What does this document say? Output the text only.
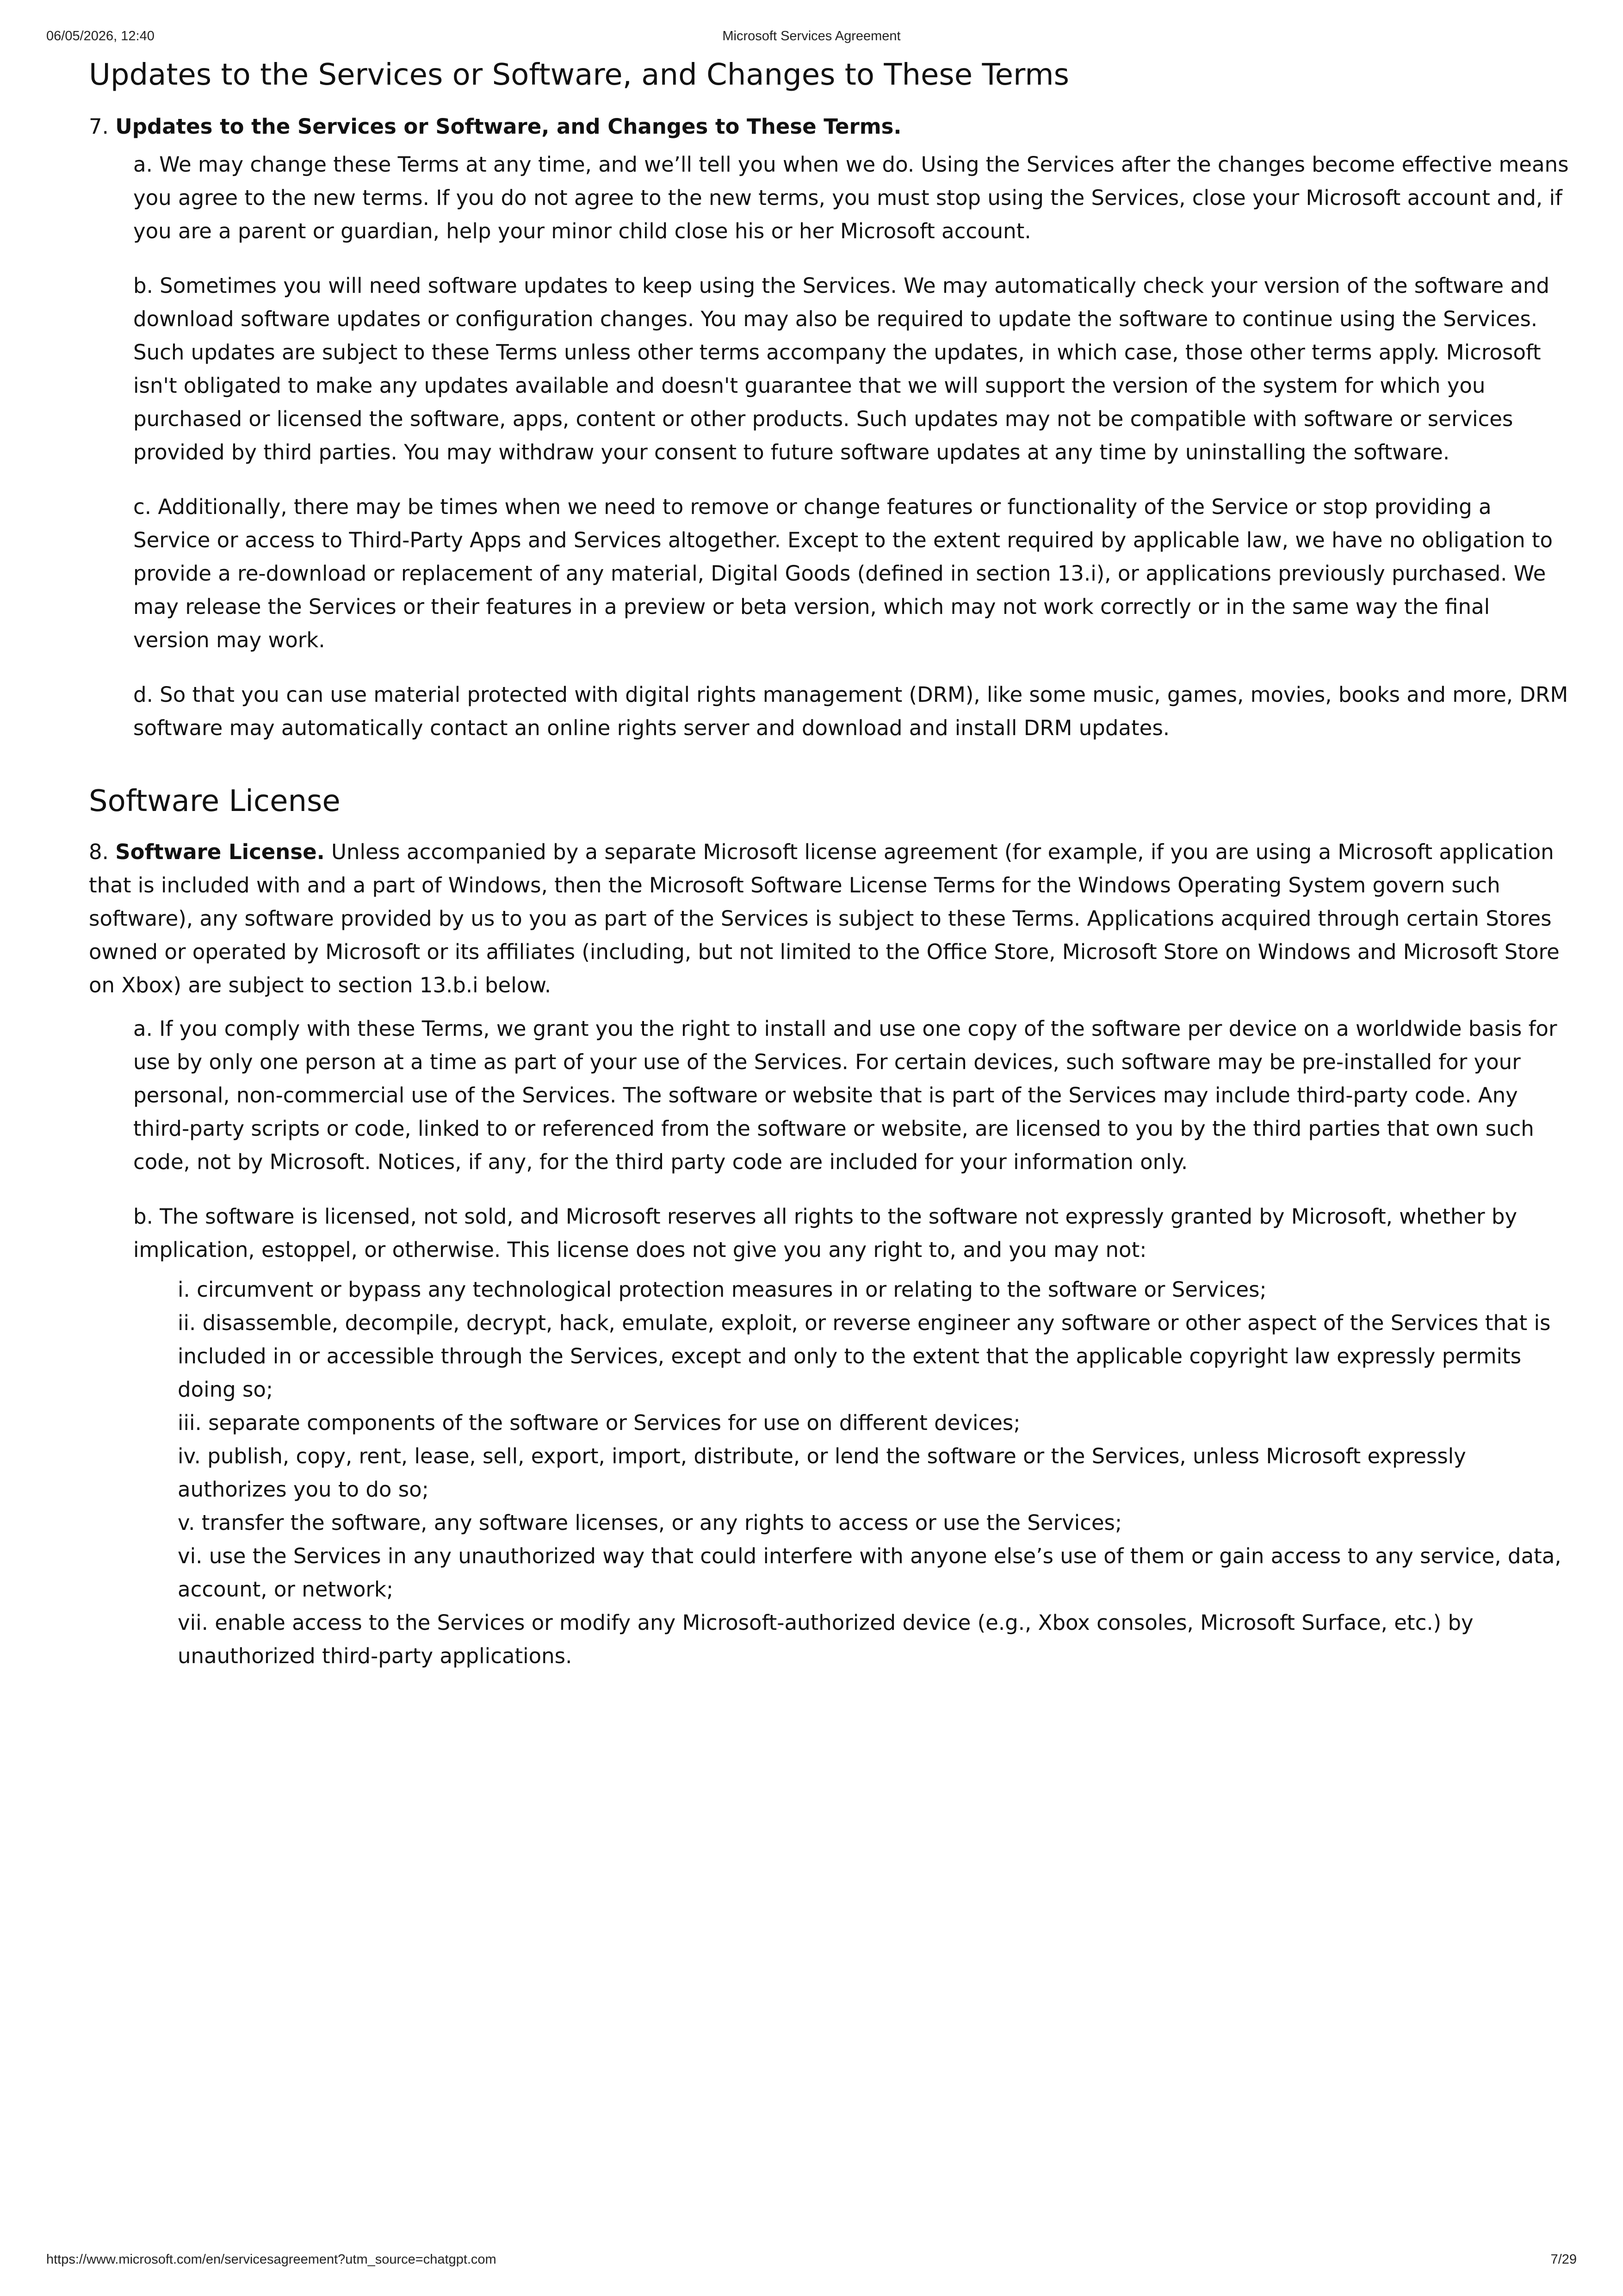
06/05/2026, 12:40	Microsoft Services Agreement
Updates to the Services or Software, and Changes to These Terms
7. Updates to the Services or Software, and Changes to These Terms.

a. We may change these Terms at any time, and we’ll tell you when we do. Using the Services after the changes become effective means you agree to the new terms. If you do not agree to the new terms, you must stop using the Services, close your Microsoft account and, if you are a parent or guardian, help your minor child close his or her Microsoft account.

b. Sometimes you will need software updates to keep using the Services. We may automatically check your version of the software and download software updates or configuration changes. You may also be required to update the software to continue using the Services. Such updates are subject to these Terms unless other terms accompany the updates, in which case, those other terms apply. Microsoft isn't obligated to make any updates available and doesn't guarantee that we will support the version of the system for which you purchased or licensed the software, apps, content or other products. Such updates may not be compatible with software or services provided by third parties. You may withdraw your consent to future software updates at any time by uninstalling the software.

c. Additionally, there may be times when we need to remove or change features or functionality of the Service or stop providing a Service or access to Third-Party Apps and Services altogether. Except to the extent required by applicable law, we have no obligation to provide a re-download or replacement of any material, Digital Goods (defined in section 13.i), or applications previously purchased. We may release the Services or their features in a preview or beta version, which may not work correctly or in the same way the final version may work.

d. So that you can use material protected with digital rights management (DRM), like some music, games, movies, books and more, DRM software may automatically contact an online rights server and download and install DRM updates.

Software License

8. Software License. Unless accompanied by a separate Microsoft license agreement (for example, if you are using a Microsoft application that is included with and a part of Windows, then the Microsoft Software License Terms for the Windows Operating System govern such software), any software provided by us to you as part of the Services is subject to these Terms. Applications acquired through certain Stores owned or operated by Microsoft or its affiliates (including, but not limited to the Office Store, Microsoft Store on Windows and Microsoft Store on Xbox) are subject to section 13.b.i below.

a. If you comply with these Terms, we grant you the right to install and use one copy of the software per device on a worldwide basis for use by only one person at a time as part of your use of the Services. For certain devices, such software may be pre-installed for your personal, non-commercial use of the Services. The software or website that is part of the Services may include third-party code. Any third-party scripts or code, linked to or referenced from the software or website, are licensed to you by the third parties that own such code, not by Microsoft. Notices, if any, for the third party code are included for your information only.

b. The software is licensed, not sold, and Microsoft reserves all rights to the software not expressly granted by Microsoft, whether by implication, estoppel, or otherwise. This license does not give you any right to, and you may not:

i. circumvent or bypass any technological protection measures in or relating to the software or Services;
ii. disassemble, decompile, decrypt, hack, emulate, exploit, or reverse engineer any software or other aspect of the Services that is included in or accessible through the Services, except and only to the extent that the applicable copyright law expressly permits doing so;
iii. separate components of the software or Services for use on different devices;
iv. publish, copy, rent, lease, sell, export, import, distribute, or lend the software or the Services, unless Microsoft expressly authorizes you to do so;
v. transfer the software, any software licenses, or any rights to access or use the Services;
vi. use the Services in any unauthorized way that could interfere with anyone else’s use of them or gain access to any service, data, account, or network;
vii. enable access to the Services or modify any Microsoft-authorized device (e.g., Xbox consoles, Microsoft Surface, etc.) by unauthorized third-party applications.
https://www.microsoft.com/en/servicesagreement?utm_source=chatgpt.com	7/29
